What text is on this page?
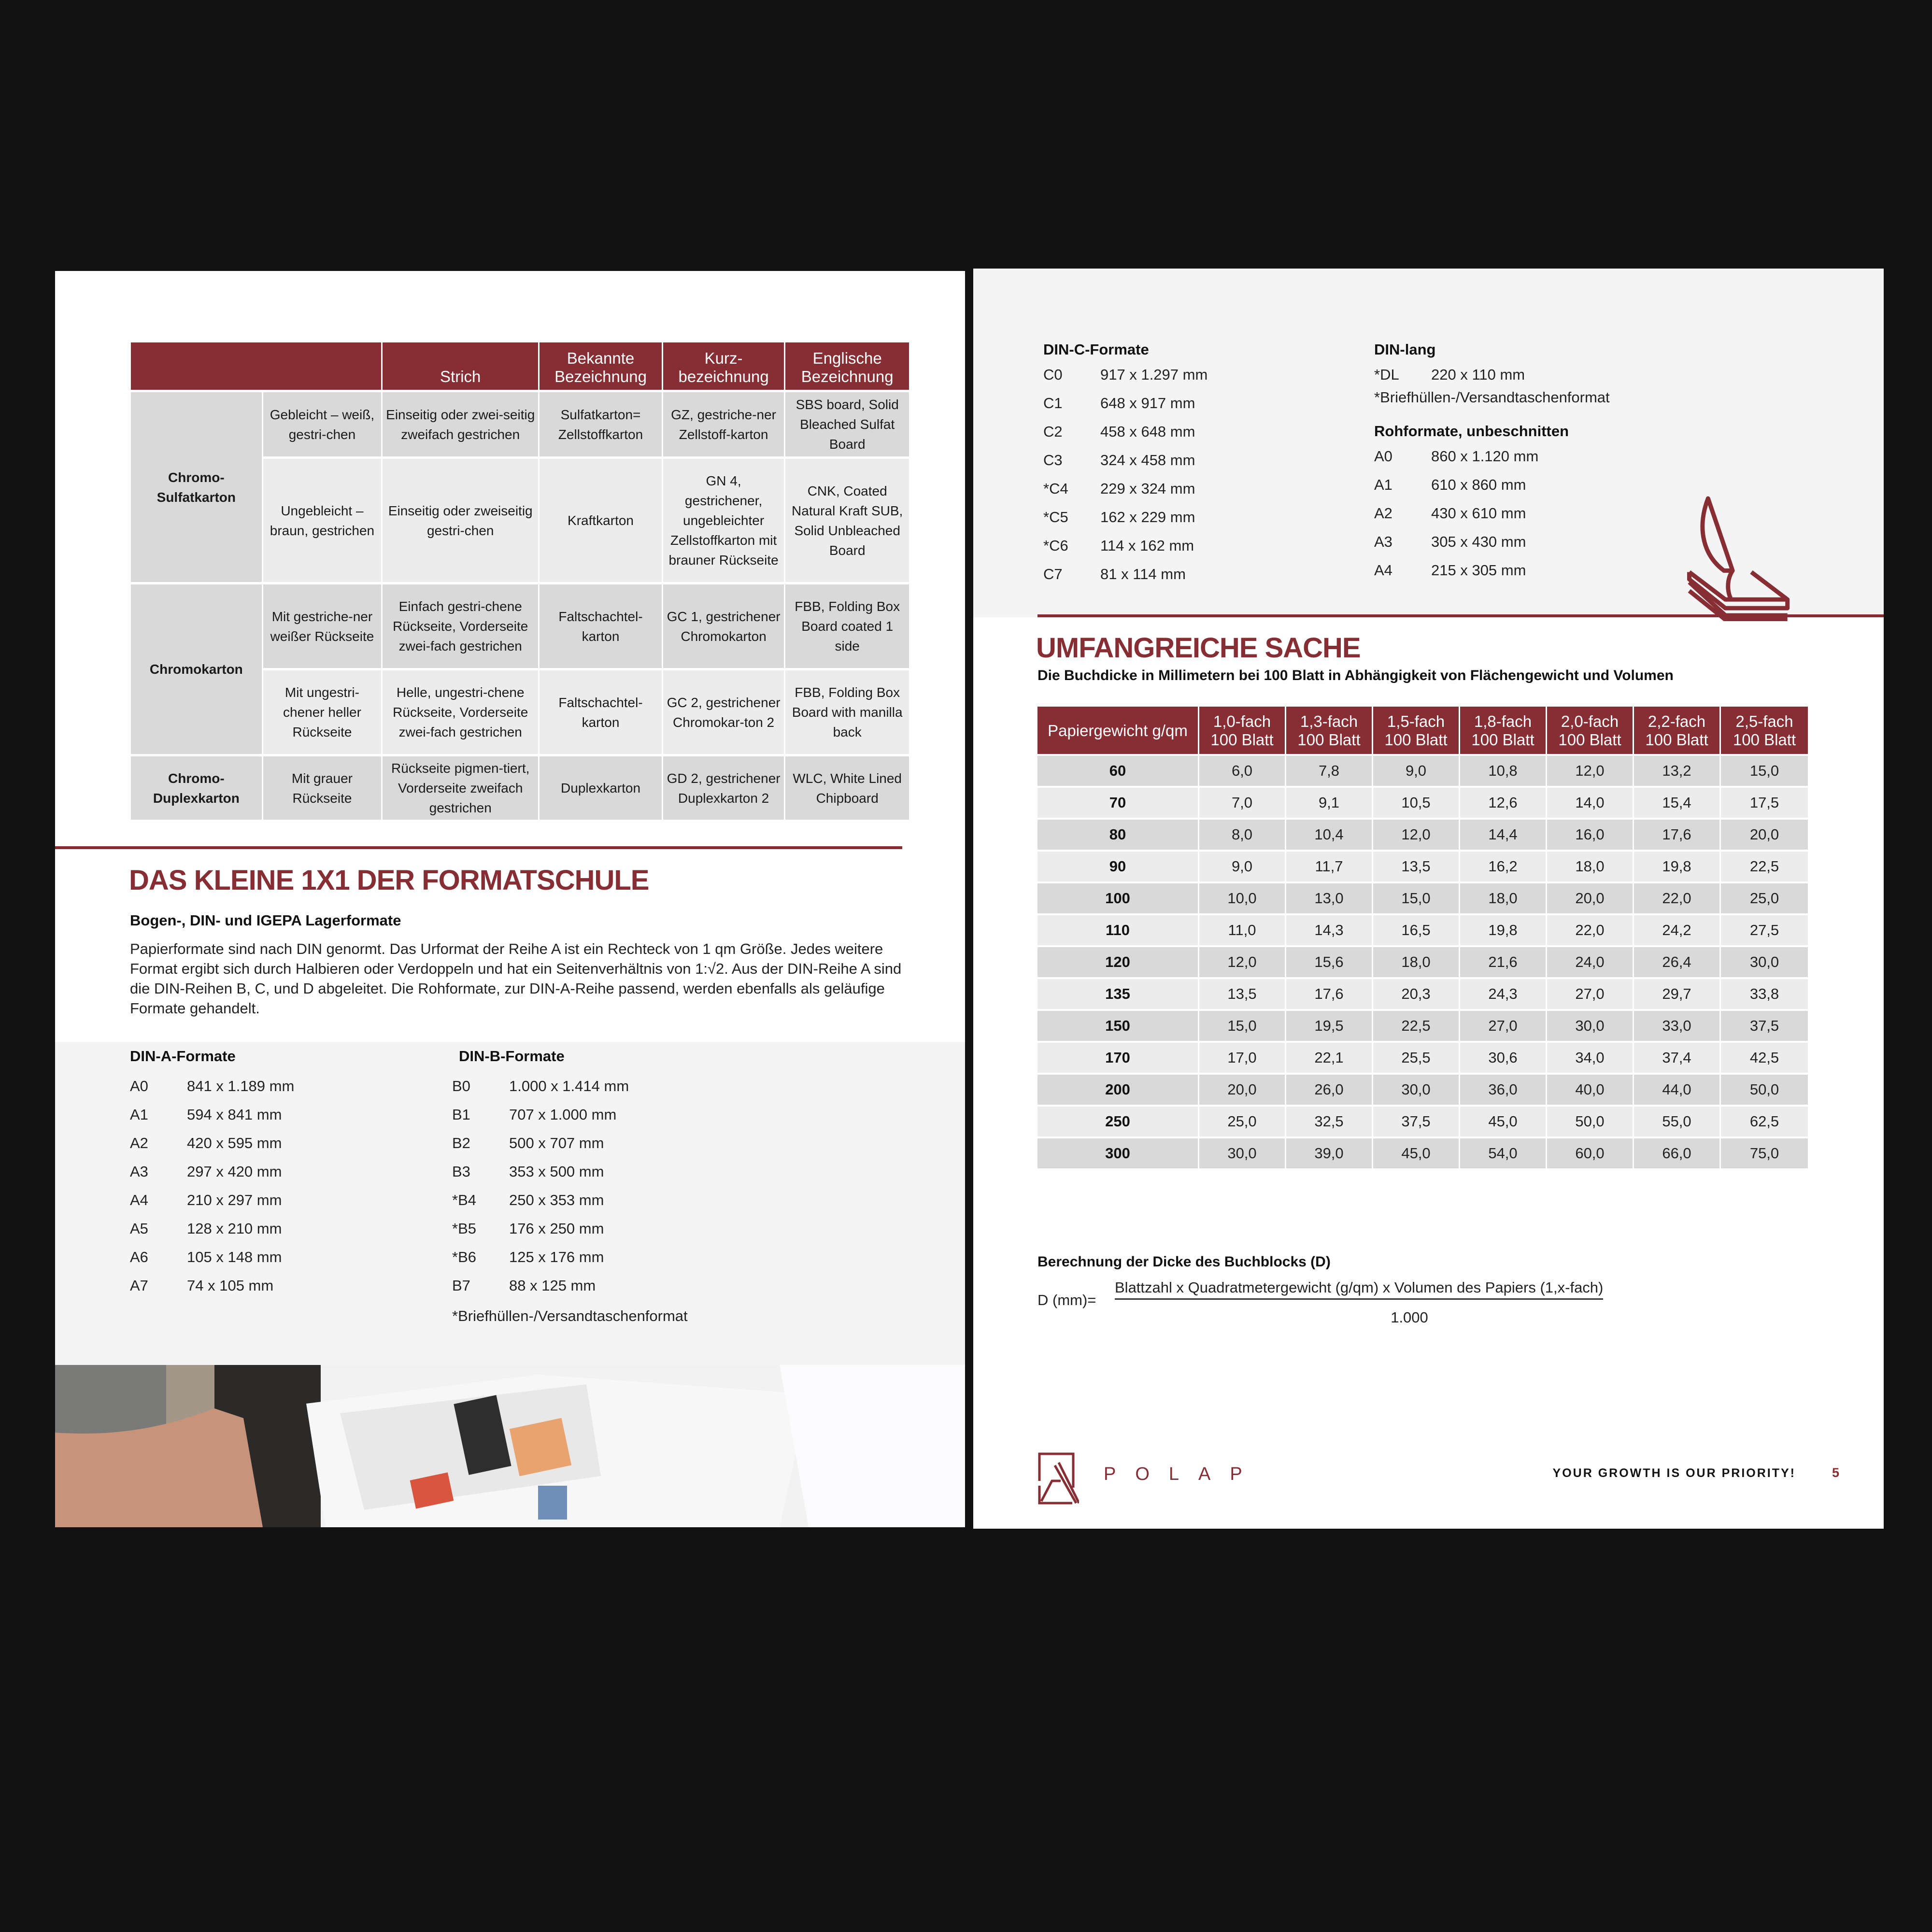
		Strich	Bekannte Bezeichnung	Kurz-bezeichnung	Englische Bezeichnung
Chromo-Sulfatkarton	Gebleicht – weiß, gestri-chen	Einseitig oder zwei-seitig zweifach gestrichen	Sulfatkarton= Zellstoffkarton	GZ, gestriche-ner Zellstoff-karton	SBS board, Solid Bleached Sulfat Board
	Ungebleicht – braun, gestrichen	Einseitig oder zweiseitig gestri-chen	Kraftkarton	GN 4, gestrichener, ungebleichter Zellstoffkarton mit brauner Rückseite	CNK, Coated Natural Kraft SUB, Solid Unbleached Board
Chromokarton	Mit gestriche-ner weißer Rückseite	Einfach gestri-chene Rückseite, Vorderseite zwei-fach gestrichen	Faltschachtel-karton	GC 1, gestrichener Chromokarton	FBB, Folding Box Board coated 1 side
	Mit ungestri-chener heller Rückseite	Helle, ungestri-chene Rückseite, Vorderseite zwei-fach gestrichen	Faltschachtel-karton	GC 2, gestrichener Chromokar-ton 2	FBB, Folding Box Board with manilla back
Chromo-Duplexkarton	Mit grauer Rückseite	Rückseite pigmen-tiert, Vorderseite zweifach gestrichen	Duplexkarton	GD 2, gestrichener Duplexkarton 2	WLC, White Lined Chipboard
DAS KLEINE 1X1 DER FORMATSCHULE
Bogen-, DIN- und IGEPA Lagerformate

Papierformate sind nach DIN genormt. Das Urformat der Reihe A ist ein Rechteck von 1 qm Größe. Jedes weitere Format ergibt sich durch Halbieren oder Verdoppeln und hat ein Seitenverhältnis von 1:√2. Aus der DIN-Reihe A sind die DIN-Reihen B, C, und D abgeleitet. Die Rohformate, zur DIN-A-Reihe passend, werden ebenfalls als geläufige Formate gehandelt.

DIN-A-Formate
A0	841 x 1.189 mm
A1	594 x 841 mm
A2	420 x 595 mm
A3	297 x 420 mm
A4	210 x 297 mm
A5	128 x 210 mm
A6	105 x 148 mm
A7	74 x 105 mm
DIN-B-Formate
B0	1.000 x 1.414 mm
B1	707 x 1.000 mm
B2	500 x 707 mm
B3	353 x 500 mm
*B4	250 x 353 mm
*B5	176 x 250 mm
*B6	125 x 176 mm
B7	88 x 125 mm
*Briefhüllen-/Versandtaschenformat
DIN-C-Formate
C0	917 x 1.297 mm
C1	648 x 917 mm
C2	458 x 648 mm
C3	324 x 458 mm
*C4	229 x 324 mm
*C5	162 x 229 mm
*C6	114 x 162 mm
C7	81 x 114 mm
DIN-lang
*DL	220 x 110 mm
*Briefhüllen-/Versandtaschenformat
Rohformate, unbeschnitten
A0	860 x 1.120 mm
A1	610 x 860 mm
A2	430 x 610 mm
A3	305 x 430 mm
A4	215 x 305 mm
UMFANGREICHE SACHE
Die Buchdicke in Millimetern bei 100 Blatt in Abhängigkeit von Flächengewicht und Volumen
Papiergewicht g/qm	1,0-fach 100 Blatt	1,3-fach 100 Blatt	1,5-fach 100 Blatt	1,8-fach 100 Blatt	2,0-fach 100 Blatt	2,2-fach 100 Blatt	2,5-fach 100 Blatt
60	6,0	7,8	9,0	10,8	12,0	13,2	15,0
70	7,0	9,1	10,5	12,6	14,0	15,4	17,5
80	8,0	10,4	12,0	14,4	16,0	17,6	20,0
90	9,0	11,7	13,5	16,2	18,0	19,8	22,5
100	10,0	13,0	15,0	18,0	20,0	22,0	25,0
110	11,0	14,3	16,5	19,8	22,0	24,2	27,5
120	12,0	15,6	18,0	21,6	24,0	26,4	30,0
135	13,5	17,6	20,3	24,3	27,0	29,7	33,8
150	15,0	19,5	22,5	27,0	30,0	33,0	37,5
170	17,0	22,1	25,5	30,6	34,0	37,4	42,5
200	20,0	26,0	30,0	36,0	40,0	44,0	50,0
250	25,0	32,5	37,5	45,0	50,0	55,0	62,5
300	30,0	39,0	45,0	54,0	60,0	66,0	75,0
Berechnung der Dicke des Buchblocks (D)
D (mm)=
Blattzahl x Quadratmetergewicht (g/qm) x Volumen des Papiers (1,x-fach)
1.000
POLAP	YOUR GROWTH IS OUR PRIORITY!	5
